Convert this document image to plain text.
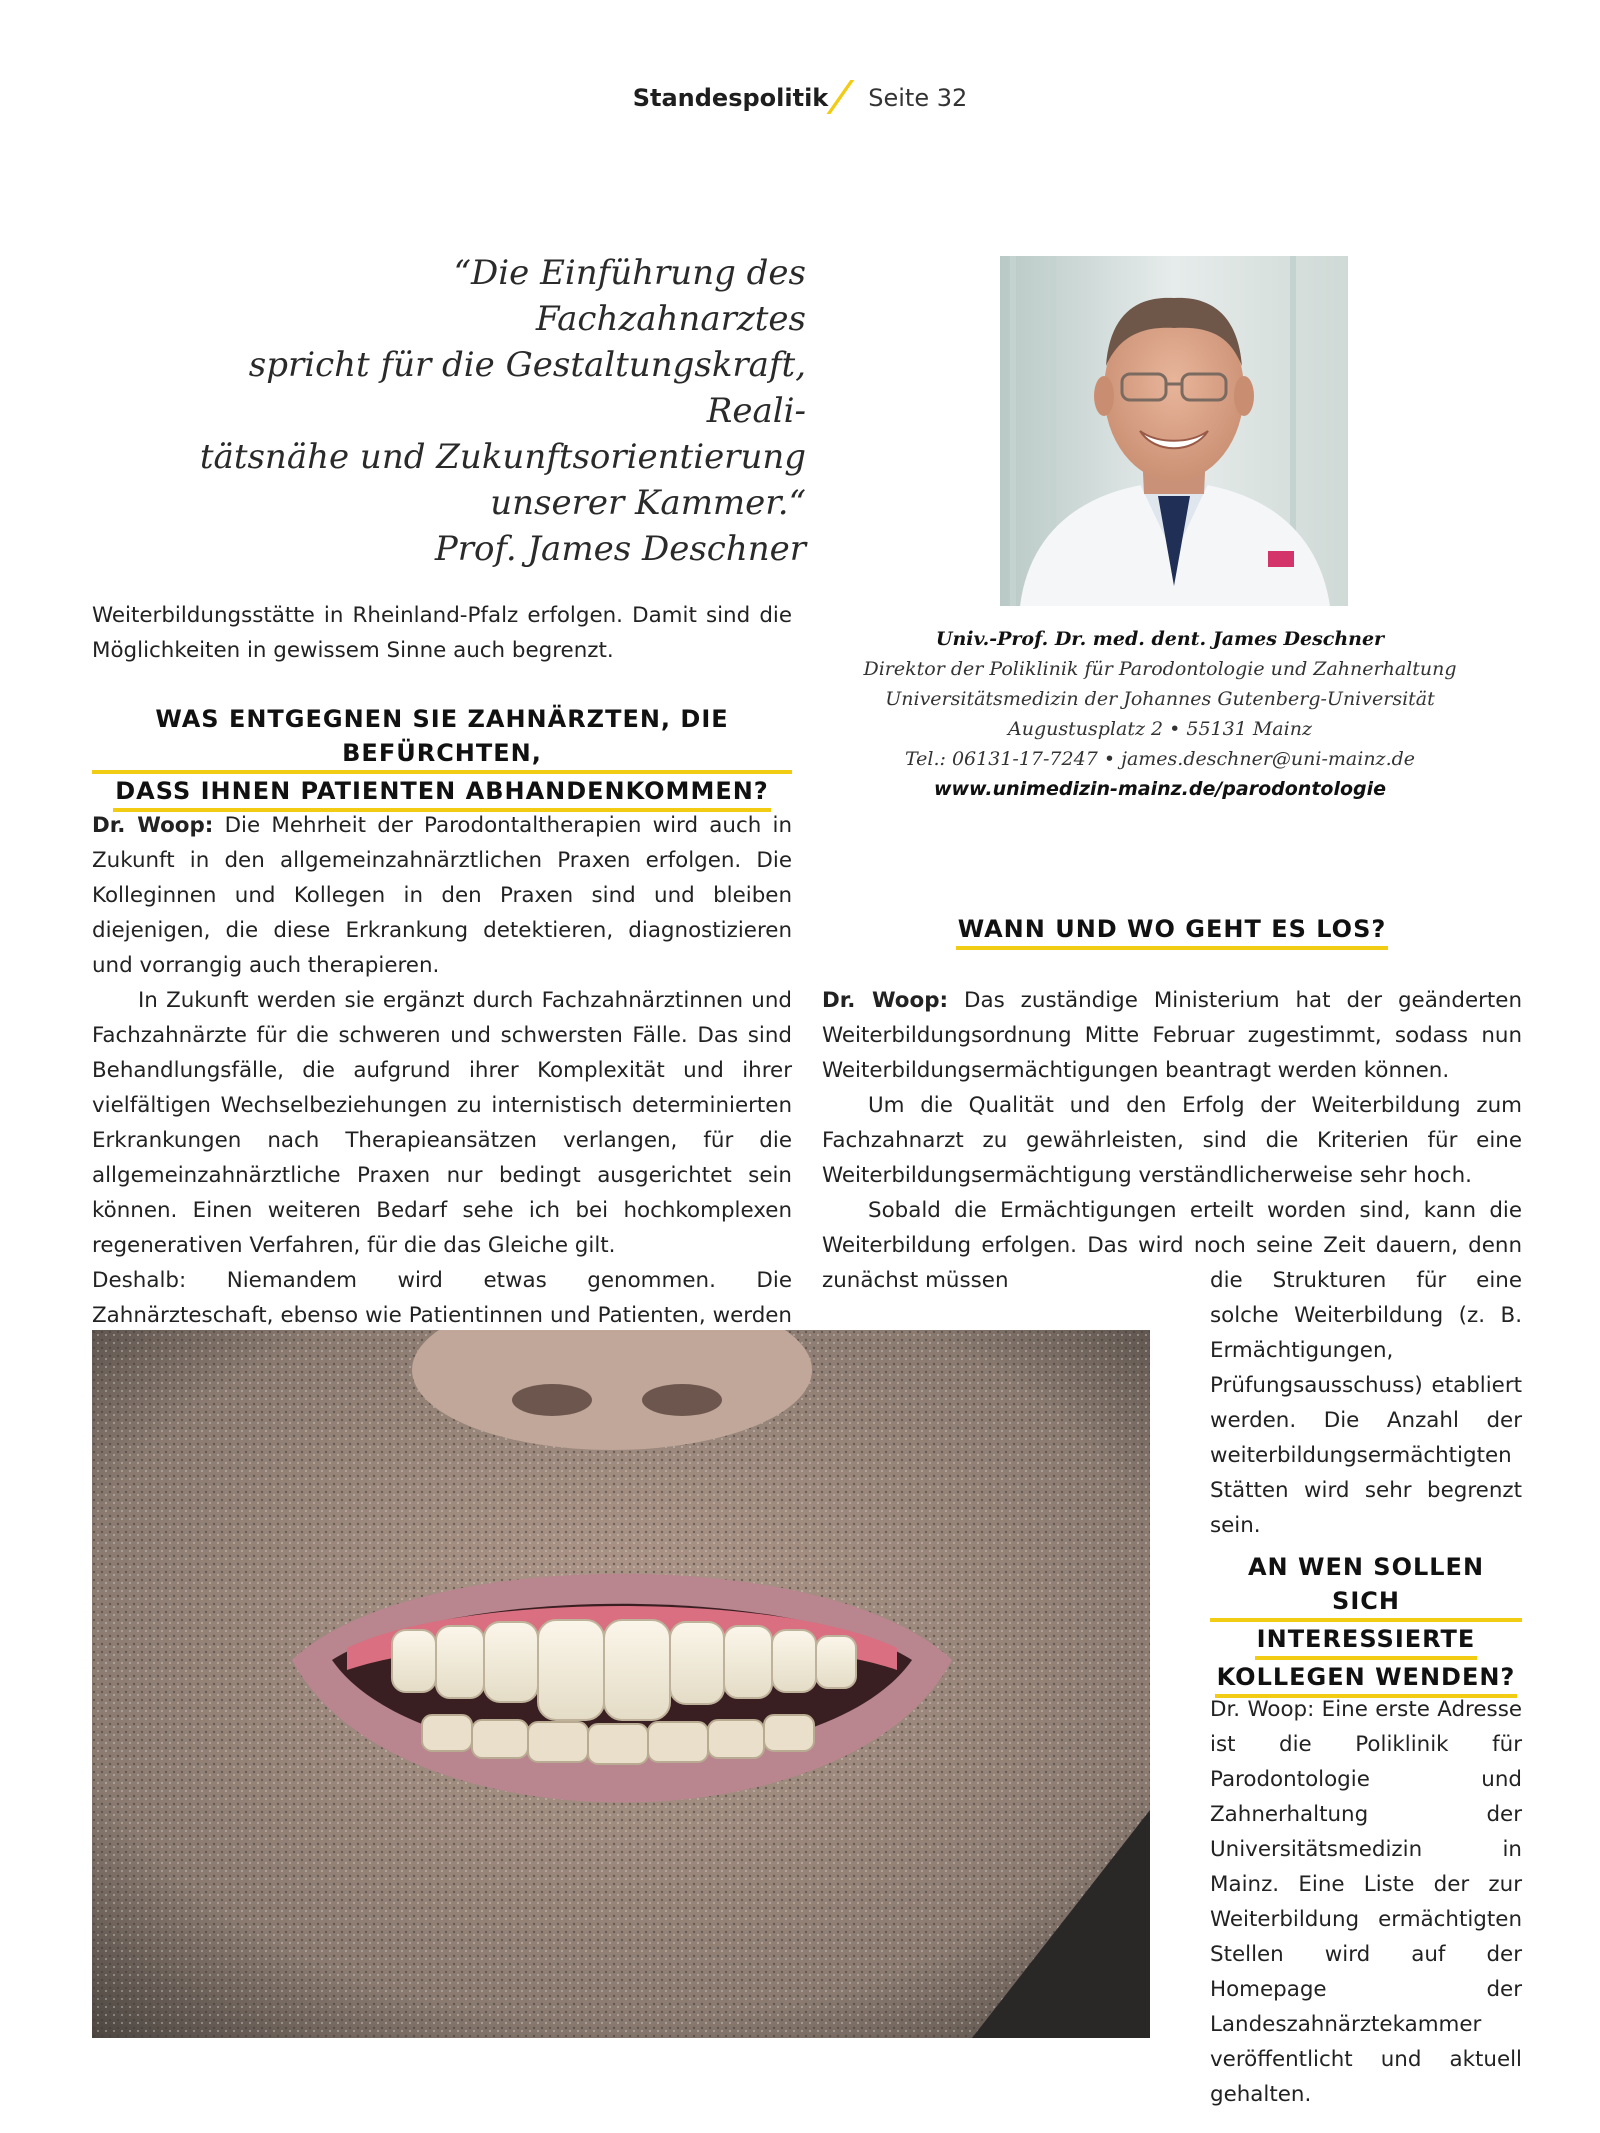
Standespolitik Seite 32

“Die Einführung des Fachzahnarztes

spricht für die Gestaltungskraft, Reali-

tätsnähe und Zukunftsorientierung

unserer Kammer.“

Prof. James Deschner

Univ.-Prof. Dr. med. dent. James Deschner
Direktor der Poliklinik für Parodontologie und Zahnerhaltung
Universitätsmedizin der Johannes Gutenberg-Universität
Augustusplatz 2 • 55131 Mainz
Tel.: 06131-17-7247 • james.deschner@uni-mainz.de
www.unimedizin-mainz.de/parodontologie

Weiterbildungsstätte in Rheinland-Pfalz erfolgen. Damit sind die Möglichkeiten in gewissem Sinne auch begrenzt.

WAS ENTGEGNEN SIE ZAHNÄRZTEN, DIE BEFÜRCHTEN,
DASS IHNEN PATIENTEN ABHANDENKOMMEN?

Dr. Woop: Die Mehrheit der Parodontaltherapien wird auch in Zukunft in den allgemeinzahnärztlichen Praxen erfolgen. Die Kolleginnen und Kollegen in den Praxen sind und bleiben diejenigen, die diese Erkrankung detektieren, diagnostizieren und vorrangig auch therapieren.

In Zukunft werden sie ergänzt durch Fachzahnärztinnen und Fachzahnärzte für die schweren und schwersten Fälle. Das sind Behandlungsfälle, die aufgrund ihrer Komplexität und ihrer vielfältigen Wechselbeziehungen zu internistisch determinierten Erkrankungen nach Therapieansätzen verlangen, für die allgemeinzahnärztliche Praxen nur bedingt ausgerichtet sein können. Einen weiteren Bedarf sehe ich bei hochkomplexen regenerativen Verfahren, für die das Gleiche gilt.

Deshalb: Niemandem wird etwas genommen. Die Zahnärzteschaft, ebenso wie Patientinnen und Patienten, werden

WANN UND WO GEHT ES LOS?

Dr. Woop: Das zuständige Ministerium hat der geänderten Weiterbildungsordnung Mitte Februar zugestimmt, sodass nun Weiterbildungsermächtigungen beantragt werden können.

Um die Qualität und den Erfolg der Weiterbildung zum Fachzahnarzt zu gewährleisten, sind die Kriterien für eine Weiterbildungsermächtigung verständlicherweise sehr hoch.

Sobald die Ermächtigungen erteilt worden sind, kann die Weiterbildung erfolgen. Das wird noch seine Zeit dauern, denn zunächst müssen	die Strukturen für eine solche Weiterbildung (z. B. Ermächtigungen, Prüfungsausschuss) etabliert werden. Die Anzahl der weiterbildungsermächtigten Stätten wird sehr begrenzt sein.

AN WEN SOLLEN SICH
INTERESSIERTE
KOLLEGEN WENDEN?

Dr. Woop: Eine erste Adresse ist die Poliklinik für Parodontologie und Zahnerhaltung der Universitätsmedizin in Mainz. Eine Liste der zur Weiterbildung ermächtigten Stellen wird auf der Homepage der Landeszahnärztekammer veröffentlicht und aktuell gehalten.
